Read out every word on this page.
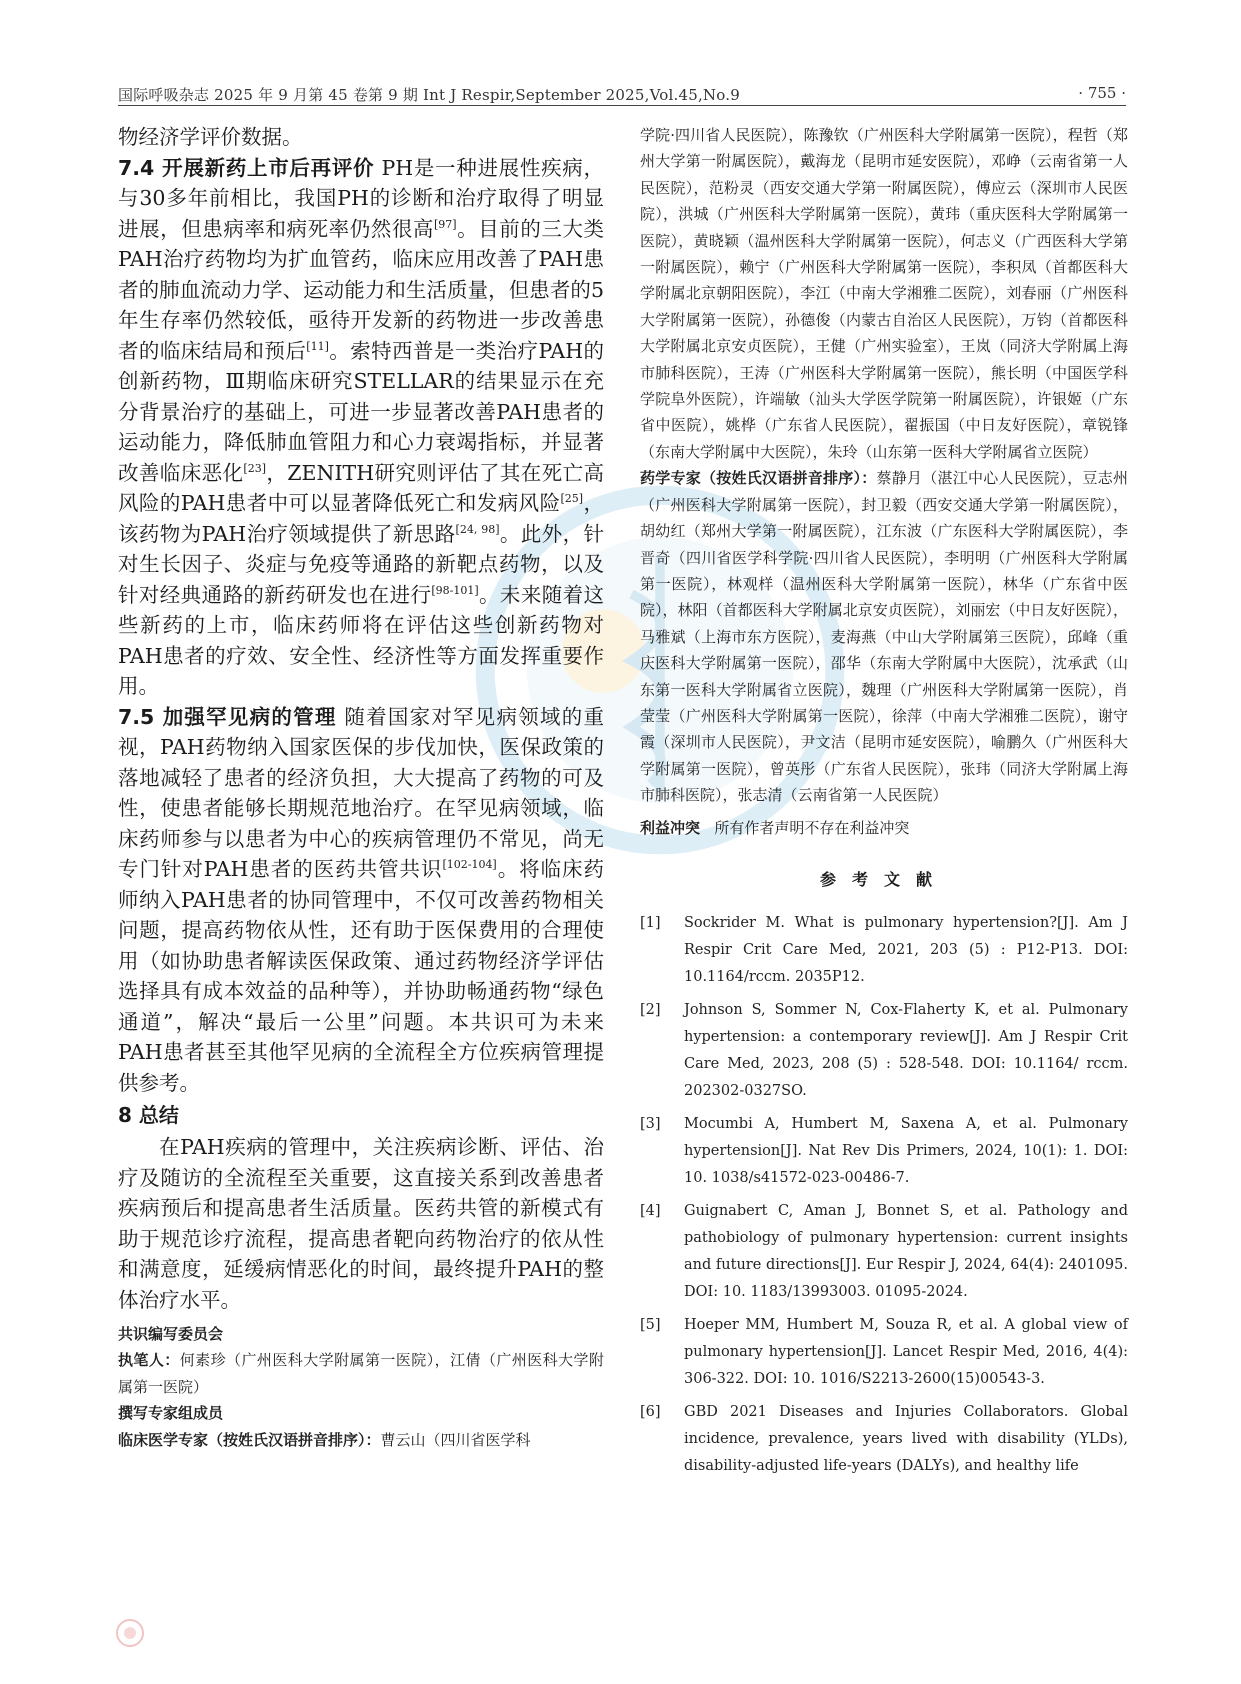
国际呼吸杂志 2025 年 9 月第 45 卷第 9 期 Int J Respir,September 2025,Vol.45,No.9	· 755 ·

物经济学评价数据。

7.4 开展新药上市后再评价 PH是一种进展性疾病，与30多年前相比，我国PH的诊断和治疗取得了明显进展，但患病率和病死率仍然很高[97]。目前的三大类PAH治疗药物均为扩血管药，临床应用改善了PAH患者的肺血流动力学、运动能力和生活质量，但患者的5年生存率仍然较低，亟待开发新的药物进一步改善患者的临床结局和预后[11]。索特西普是一类治疗PAH的创新药物，Ⅲ期临床研究STELLAR的结果显示在充分背景治疗的基础上，可进一步显著改善PAH患者的运动能力，降低肺血管阻力和心力衰竭指标，并显著改善临床恶化[23]，ZENITH研究则评估了其在死亡高风险的PAH患者中可以显著降低死亡和发病风险[25]，该药物为PAH治疗领域提供了新思路[24, 98]。此外，针对生长因子、炎症与免疫等通路的新靶点药物，以及针对经典通路的新药研发也在进行[98-101]。未来随着这些新药的上市，临床药师将在评估这些创新药物对PAH患者的疗效、安全性、经济性等方面发挥重要作用。

7.5 加强罕见病的管理 随着国家对罕见病领域的重视，PAH药物纳入国家医保的步伐加快，医保政策的落地减轻了患者的经济负担，大大提高了药物的可及性，使患者能够长期规范地治疗。在罕见病领域，临床药师参与以患者为中心的疾病管理仍不常见，尚无专门针对PAH患者的医药共管共识[102-104]。将临床药师纳入PAH患者的协同管理中，不仅可改善药物相关问题，提高药物依从性，还有助于医保费用的合理使用（如协助患者解读医保政策、通过药物经济学评估选择具有成本效益的品种等），并协助畅通药物“绿色通道”，解决“最后一公里”问题。本共识可为未来PAH患者甚至其他罕见病的全流程全方位疾病管理提供参考。

8 总结

在PAH疾病的管理中，关注疾病诊断、评估、治疗及随访的全流程至关重要，这直接关系到改善患者疾病预后和提高患者生活质量。医药共管的新模式有助于规范诊疗流程，提高患者靶向药物治疗的依从性和满意度，延缓病情恶化的时间，最终提升PAH的整体治疗水平。

共识编写委员会

执笔人：何素珍（广州医科大学附属第一医院），江倩（广州医科大学附属第一医院）

撰写专家组成员

临床医学专家（按姓氏汉语拼音排序）：曹云山（四川省医学科

学院·四川省人民医院），陈豫钦（广州医科大学附属第一医院），程哲（郑州大学第一附属医院），戴海龙（昆明市延安医院），邓峥（云南省第一人民医院），范粉灵（西安交通大学第一附属医院），傅应云（深圳市人民医院），洪城（广州医科大学附属第一医院），黄玮（重庆医科大学附属第一医院），黄晓颖（温州医科大学附属第一医院），何志义（广西医科大学第一附属医院），赖宁（广州医科大学附属第一医院），李积凤（首都医科大学附属北京朝阳医院），李江（中南大学湘雅二医院），刘春丽（广州医科大学附属第一医院），孙德俊（内蒙古自治区人民医院），万钧（首都医科大学附属北京安贞医院），王健（广州实验室），王岚（同济大学附属上海市肺科医院），王涛（广州医科大学附属第一医院），熊长明（中国医学科学院阜外医院），许端敏（汕头大学医学院第一附属医院），许银姬（广东省中医院），姚桦（广东省人民医院），翟振国（中日友好医院），章锐锋（东南大学附属中大医院），朱玲（山东第一医科大学附属省立医院）

药学专家（按姓氏汉语拼音排序）：蔡静月（湛江中心人民医院），豆志州（广州医科大学附属第一医院），封卫毅（西安交通大学第一附属医院），胡幼红（郑州大学第一附属医院），江东波（广东医科大学附属医院），李晋奇（四川省医学科学院·四川省人民医院），李明明（广州医科大学附属第一医院），林观样（温州医科大学附属第一医院），林华（广东省中医院），林阳（首都医科大学附属北京安贞医院），刘丽宏（中日友好医院），马雅斌（上海市东方医院），麦海燕（中山大学附属第三医院），邱峰（重庆医科大学附属第一医院），邵华（东南大学附属中大医院），沈承武（山东第一医科大学附属省立医院），魏理（广州医科大学附属第一医院），肖莹莹（广州医科大学附属第一医院），徐萍（中南大学湘雅二医院），谢守霞（深圳市人民医院），尹文洁（昆明市延安医院），喻鹏久（广州医科大学附属第一医院），曾英彤（广东省人民医院），张玮（同济大学附属上海市肺科医院），张志清（云南省第一人民医院）

利益冲突 所有作者声明不存在利益冲突

参考文献
[1]	Sockrider M. What is pulmonary hypertension?[J]. Am J Respir Crit Care Med, 2021, 203 (5) : P12-P13. DOI: 10.1164/rccm. 2035P12.
[2]	Johnson S, Sommer N, Cox-Flaherty K, et al. Pulmonary hypertension: a contemporary review[J]. Am J Respir Crit Care Med, 2023, 208 (5) : 528-548. DOI: 10.1164/ rccm. 202302-0327SO.
[3]	Mocumbi A, Humbert M, Saxena A, et al. Pulmonary hypertension[J]. Nat Rev Dis Primers, 2024, 10(1): 1. DOI: 10. 1038/s41572-023-00486-7.
[4]	Guignabert C, Aman J, Bonnet S, et al. Pathology and pathobiology of pulmonary hypertension: current insights and future directions[J]. Eur Respir J, 2024, 64(4): 2401095. DOI: 10. 1183/13993003. 01095-2024.
[5]	Hoeper MM, Humbert M, Souza R, et al. A global view of pulmonary hypertension[J]. Lancet Respir Med, 2016, 4(4): 306-322. DOI: 10. 1016/S2213-2600(15)00543-3.
[6]	GBD 2021 Diseases and Injuries Collaborators. Global incidence, prevalence, years lived with disability (YLDs), disability-adjusted life-years (DALYs), and healthy life
